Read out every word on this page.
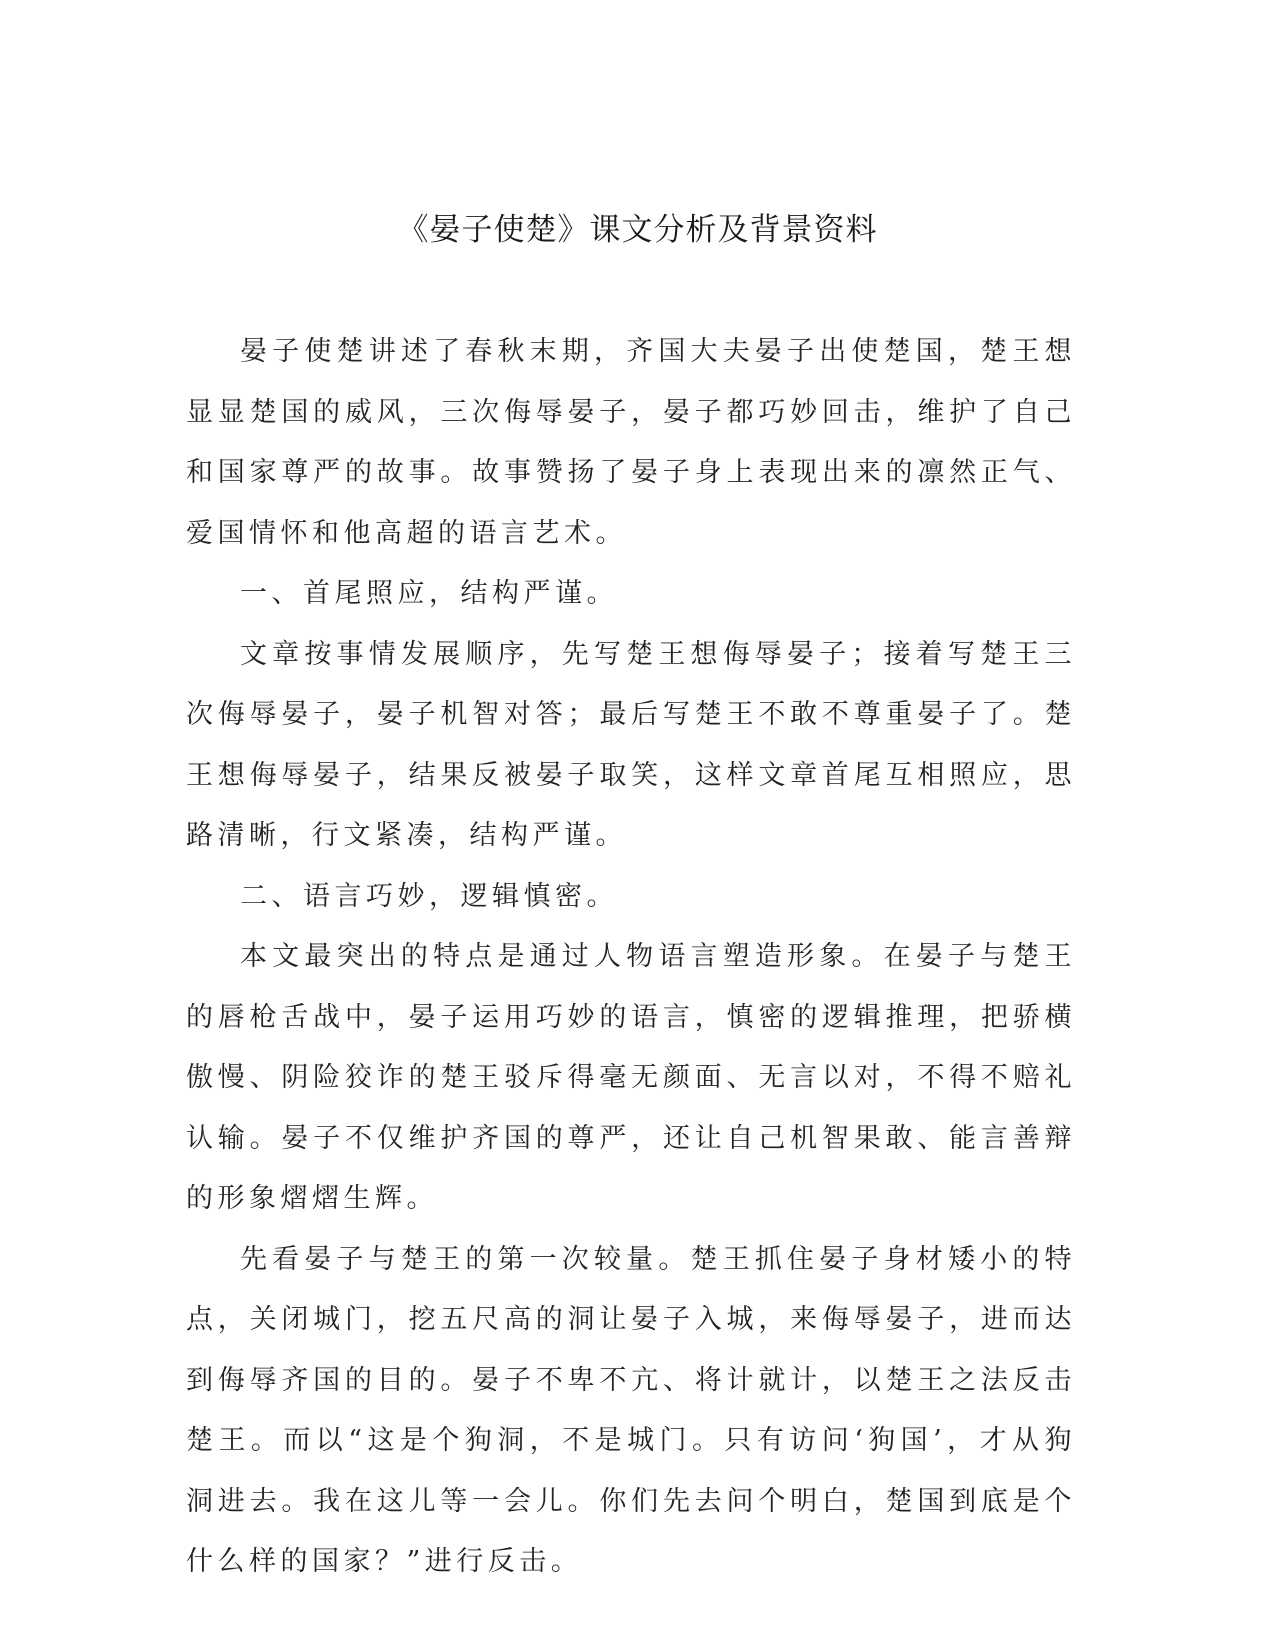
《晏子使楚》课文分析及背景资料

晏子使楚讲述了春秋末期，齐国大夫晏子出使楚国，楚王想显显楚国的威风，三次侮辱晏子，晏子都巧妙回击，维护了自己和国家尊严的故事。故事赞扬了晏子身上表现出来的凛然正气、爱国情怀和他高超的语言艺术。

一、首尾照应，结构严谨。

文章按事情发展顺序，先写楚王想侮辱晏子；接着写楚王三次侮辱晏子，晏子机智对答；最后写楚王不敢不尊重晏子了。楚王想侮辱晏子，结果反被晏子取笑，这样文章首尾互相照应，思路清晰，行文紧凑，结构严谨。

二、语言巧妙，逻辑慎密。

本文最突出的特点是通过人物语言塑造形象。在晏子与楚王的唇枪舌战中，晏子运用巧妙的语言，慎密的逻辑推理，把骄横傲慢、阴险狡诈的楚王驳斥得毫无颜面、无言以对，不得不赔礼认输。晏子不仅维护齐国的尊严，还让自己机智果敢、能言善辩的形象熠熠生辉。

先看晏子与楚王的第一次较量。楚王抓住晏子身材矮小的特点，关闭城门，挖五尺高的洞让晏子入城，来侮辱晏子，进而达到侮辱齐国的目的。晏子不卑不亢、将计就计，以楚王之法反击楚王。而以“这是个狗洞，不是城门。只有访问‘狗国’，才从狗洞进去。我在这儿等一会儿。你们先去问个明白，楚国到底是个什么样的国家？”进行反击。
